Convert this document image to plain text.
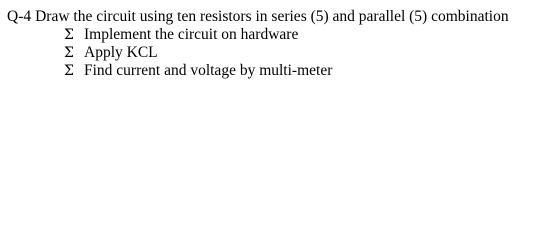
Q-4 Draw the circuit using ten resistors in series (5) and parallel (5) combination
Σ Implement the circuit on hardware
Σ Apply KCL
Σ Find current and voltage by multi-meter
